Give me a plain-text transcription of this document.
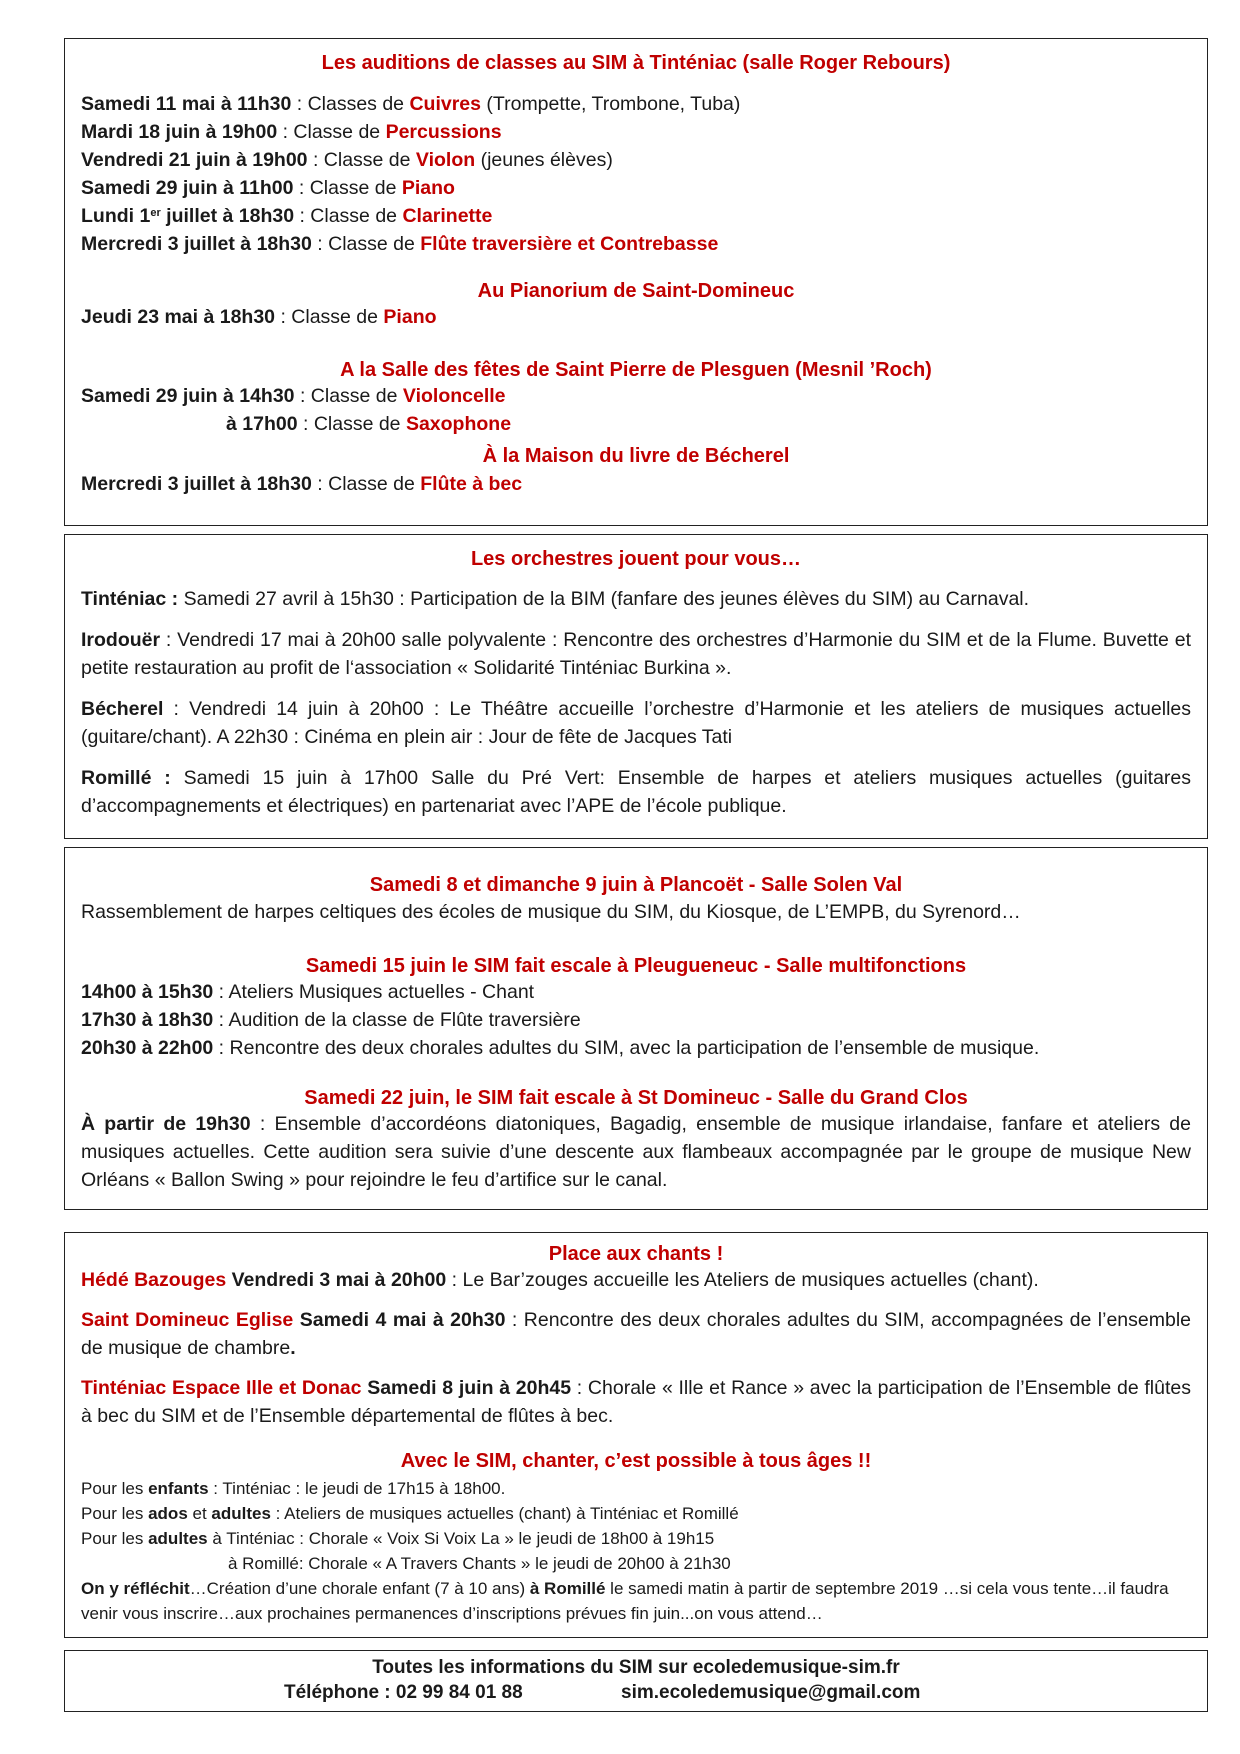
Les auditions de classes au SIM à Tinténiac (salle Roger Rebours)
Samedi 11 mai à 11h30 : Classes de Cuivres (Trompette, Trombone, Tuba)
Mardi 18 juin à 19h00 : Classe de Percussions
Vendredi 21 juin à 19h00 : Classe de Violon (jeunes élèves)
Samedi 29 juin à 11h00 : Classe de Piano
Lundi 1er juillet à 18h30 : Classe de Clarinette
Mercredi 3 juillet à 18h30 : Classe de Flûte traversière et Contrebasse
Au Pianorium de Saint-Domineuc
Jeudi 23 mai à 18h30 : Classe de Piano
A la Salle des fêtes de Saint Pierre de Plesguen (Mesnil ’Roch)
Samedi 29 juin à 14h30 : Classe de Violoncelle
à 17h00 : Classe de Saxophone
À la Maison du livre de Bécherel
Mercredi 3 juillet à 18h30 : Classe de Flûte à bec
Les orchestres jouent pour vous…
Tinténiac : Samedi 27 avril à 15h30 : Participation de la BIM (fanfare des jeunes élèves du SIM) au Carnaval.
Irodouër : Vendredi 17 mai à 20h00 salle polyvalente : Rencontre des orchestres d’Harmonie du SIM et de la Flume. Buvette et petite restauration au profit de l‘association « Solidarité Tinténiac Burkina ».
Bécherel : Vendredi 14 juin à 20h00 : Le Théâtre accueille l’orchestre d’Harmonie et les ateliers de musiques actuelles (guitare/chant). A 22h30 : Cinéma en plein air : Jour de fête de Jacques Tati
Romillé : Samedi 15 juin à 17h00 Salle du Pré Vert: Ensemble de harpes et ateliers musiques actuelles (guitares d’accompagnements et électriques) en partenariat avec l’APE de l’école publique.
Samedi 8 et dimanche 9 juin à Plancoët - Salle Solen Val
Rassemblement de harpes celtiques des écoles de musique du SIM, du Kiosque, de L’EMPB, du Syrenord…
Samedi 15 juin le SIM fait escale à Pleugueneuc - Salle multifonctions
14h00 à 15h30 : Ateliers Musiques actuelles - Chant
17h30 à 18h30 : Audition de la classe de Flûte traversière
20h30 à 22h00 : Rencontre des deux chorales adultes du SIM, avec la participation de l’ensemble de musique.
Samedi 22 juin, le SIM fait escale à St Domineuc - Salle du Grand Clos
À partir de 19h30 : Ensemble d’accordéons diatoniques, Bagadig, ensemble de musique irlandaise, fanfare et ateliers de musiques actuelles. Cette audition sera suivie d’une descente aux flambeaux accompagnée par le groupe de musique New Orléans « Ballon Swing » pour rejoindre le feu d’artifice sur le canal.
Place aux chants !
Hédé Bazouges Vendredi 3 mai à 20h00 : Le Bar’zouges accueille les Ateliers de musiques actuelles (chant).
Saint Domineuc Eglise Samedi 4 mai à 20h30 : Rencontre des deux chorales adultes du SIM, accompagnées de l’ensemble de musique de chambre.
Tinténiac Espace Ille et Donac Samedi 8 juin à 20h45 : Chorale « Ille et Rance » avec la participation de l’Ensemble de flûtes à bec du SIM et de l’Ensemble départemental de flûtes à bec.
Avec le SIM, chanter, c’est possible à tous âges !!
Pour les enfants : Tinténiac : le jeudi de 17h15 à 18h00.
Pour les ados et adultes : Ateliers de musiques actuelles (chant) à Tinténiac et Romillé
Pour les adultes à Tinténiac : Chorale « Voix Si Voix La » le jeudi de 18h00 à 19h15
à Romillé: Chorale « A Travers Chants » le jeudi de 20h00 à 21h30
On y réfléchit…Création d’une chorale enfant (7 à 10 ans) à Romillé le samedi matin à partir de septembre 2019 …si cela vous tente…il faudra venir vous inscrire…aux prochaines permanences d’inscriptions prévues fin juin...on vous attend…
Toutes les informations du SIM sur ecoledemusique-sim.fr
Téléphone : 02 99 84 01 88	sim.ecoledemusique@gmail.com
